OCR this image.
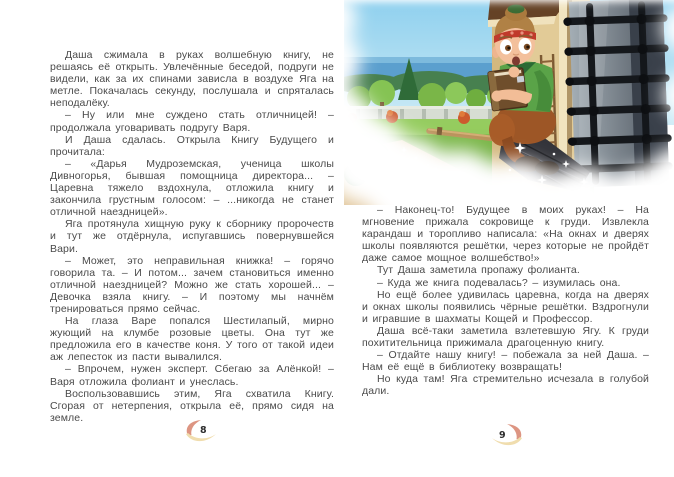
Даша сжимала в руках волшебную книгу, не решаясь её открыть. Увлечённые беседой, подруги не видели, как за их спинами зависла в воздухе Яга на метле. Покачалась секунду, послушала и спряталась неподалёку.

– Ну или мне суждено стать отличницей! – продолжала уговаривать подругу Варя.

И Даша сдалась. Открыла Книгу Будущего и прочитала:

– «Дарья Мудроземская, ученица школы Дивногорья, бывшая помощница директора... – Царевна тяжело вздохнула, отложила книгу и закончила грустным голосом: – ...никогда не станет отличной наездницей».

Яга протянула хищную руку к сборнику пророчеств и тут же отдёрнула, испугавшись повернувшейся Вари.

– Может, это неправильная книжка! – горячо говорила та. – И потом... зачем становиться именно отличной наездницей? Можно же стать хорошей... – Девочка взяла книгу. – И поэтому мы начнём тренироваться прямо сейчас.

На глаза Варе попался Шестилапый, мирно жующий на клумбе розовые цветы. Она тут же предложила его в качестве коня. У того от такой идеи аж лепесток из пасти вывалился.

– Впрочем, нужен эксперт. Сбегаю за Алёнкой! – Варя отложила фолиант и унеслась.

Воспользовавшись этим, Яга схватила Книгу. Сгорая от нетерпения, открыла её, прямо сидя на земле.

– Наконец-то! Будущее в моих руках! – На мгновение прижала сокровище к груди. Извлекла карандаш и торопливо написала: «На окнах и дверях школы появляются решётки, через которые не пройдёт даже самое мощное волшебство!»

Тут Даша заметила пропажу фолианта.

– Куда же книга подевалась? – изумилась она.

Но ещё более удивилась царевна, когда на дверях и окнах школы появились чёрные решётки. Вздрогнули и игравшие в шахматы Кощей и Профессор.

Даша всё-таки заметила взлетевшую Ягу. К груди похитительница прижимала драгоценную книгу.

– Отдайте нашу книгу! – побежала за ней Даша. – Нам её ещё в библиотеку возвращать!

Но куда там! Яга стремительно исчезала в голубой дали.

8	9
